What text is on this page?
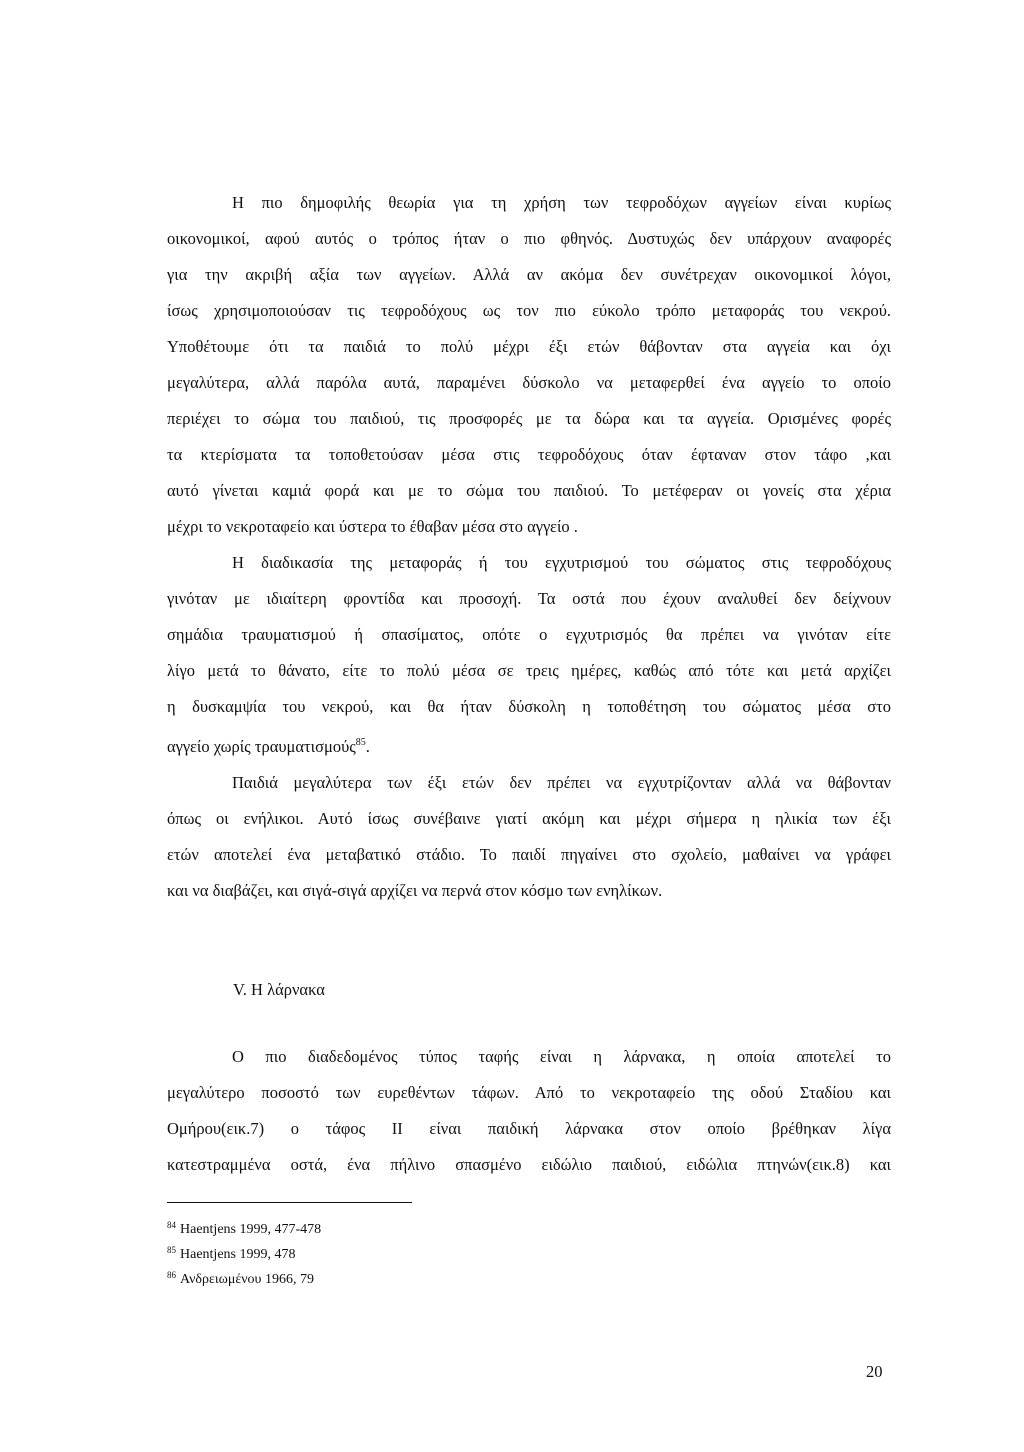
Η πιο δημοφιλής θεωρία για τη χρήση των τεφροδόχων αγγείων είναι κυρίως
οικονομικοί, αφού αυτός ο τρόπος ήταν ο πιο φθηνός. Δυστυχώς δεν υπάρχουν αναφορές
για την ακριβή αξία των αγγείων. Αλλά αν ακόμα δεν συνέτρεχαν οικονομικοί λόγοι,
ίσως χρησιμοποιούσαν τις τεφροδόχους ως τον πιο εύκολο τρόπο μεταφοράς του νεκρού.
Υποθέτουμε ότι τα παιδιά το πολύ μέχρι έξι ετών θάβονταν στα αγγεία και όχι
μεγαλύτερα, αλλά παρόλα αυτά, παραμένει δύσκολο να μεταφερθεί ένα αγγείο το οποίο
περιέχει το σώμα του παιδιού, τις προσφορές με τα δώρα και τα αγγεία. Ορισμένες φορές
τα κτερίσματα τα τοποθετούσαν μέσα στις τεφροδόχους όταν έφταναν στον τάφο ,και
αυτό γίνεται καμιά φορά και με το σώμα του παιδιού. Το μετέφεραν οι γονείς στα χέρια
μέχρι το νεκροταφείο και ύστερα το έθαβαν μέσα στο αγγείο .
Η διαδικασία της μεταφοράς ή του εγχυτρισμού του σώματος στις τεφροδόχους
γινόταν με ιδιαίτερη φροντίδα και προσοχή. Τα οστά που έχουν αναλυθεί δεν δείχνουν
σημάδια τραυματισμού ή σπασίματος, οπότε ο εγχυτρισμός θα πρέπει να γινόταν είτε
λίγο μετά το θάνατο, είτε το πολύ μέσα σε τρεις ημέρες, καθώς από τότε και μετά αρχίζει
η δυσκαμψία του νεκρού, και θα ήταν δύσκολη η τοποθέτηση του σώματος μέσα στο
αγγείο χωρίς τραυματισμούς$^{85}$.
Παιδιά μεγαλύτερα των έξι ετών δεν πρέπει να εγχυτρίζονταν αλλά να θάβονταν
όπως οι ενήλικοι. Αυτό ίσως συνέβαινε γιατί ακόμη και μέχρι σήμερα η ηλικία των έξι
ετών αποτελεί ένα μεταβατικό στάδιο. Το παιδί πηγαίνει στο σχολείο, μαθαίνει να γράφει
και να διαβάζει, και σιγά-σιγά αρχίζει να περνά στον κόσμο των ενηλίκων.
V. Η λάρνακα
Ο πιο διαδεδομένος τύπος ταφής είναι η λάρνακα, η οποία αποτελεί το
μεγαλύτερο ποσοστό των ευρεθέντων τάφων. Από το νεκροταφείο της οδού Σταδίου και
Ομήρου(εικ.7) ο τάφος ΙΙ είναι παιδική λάρνακα στον οποίο βρέθηκαν λίγα
κατεστραμμένα οστά, ένα πήλινο σπασμένο ειδώλιο παιδιού, ειδώλια πτηνών(εικ.8) και
$^{84}$ Haentjens 1999, 477-478
$^{85}$ Haentjens 1999, 478
$^{86}$ Ανδρειωμένου 1966, 79
20
